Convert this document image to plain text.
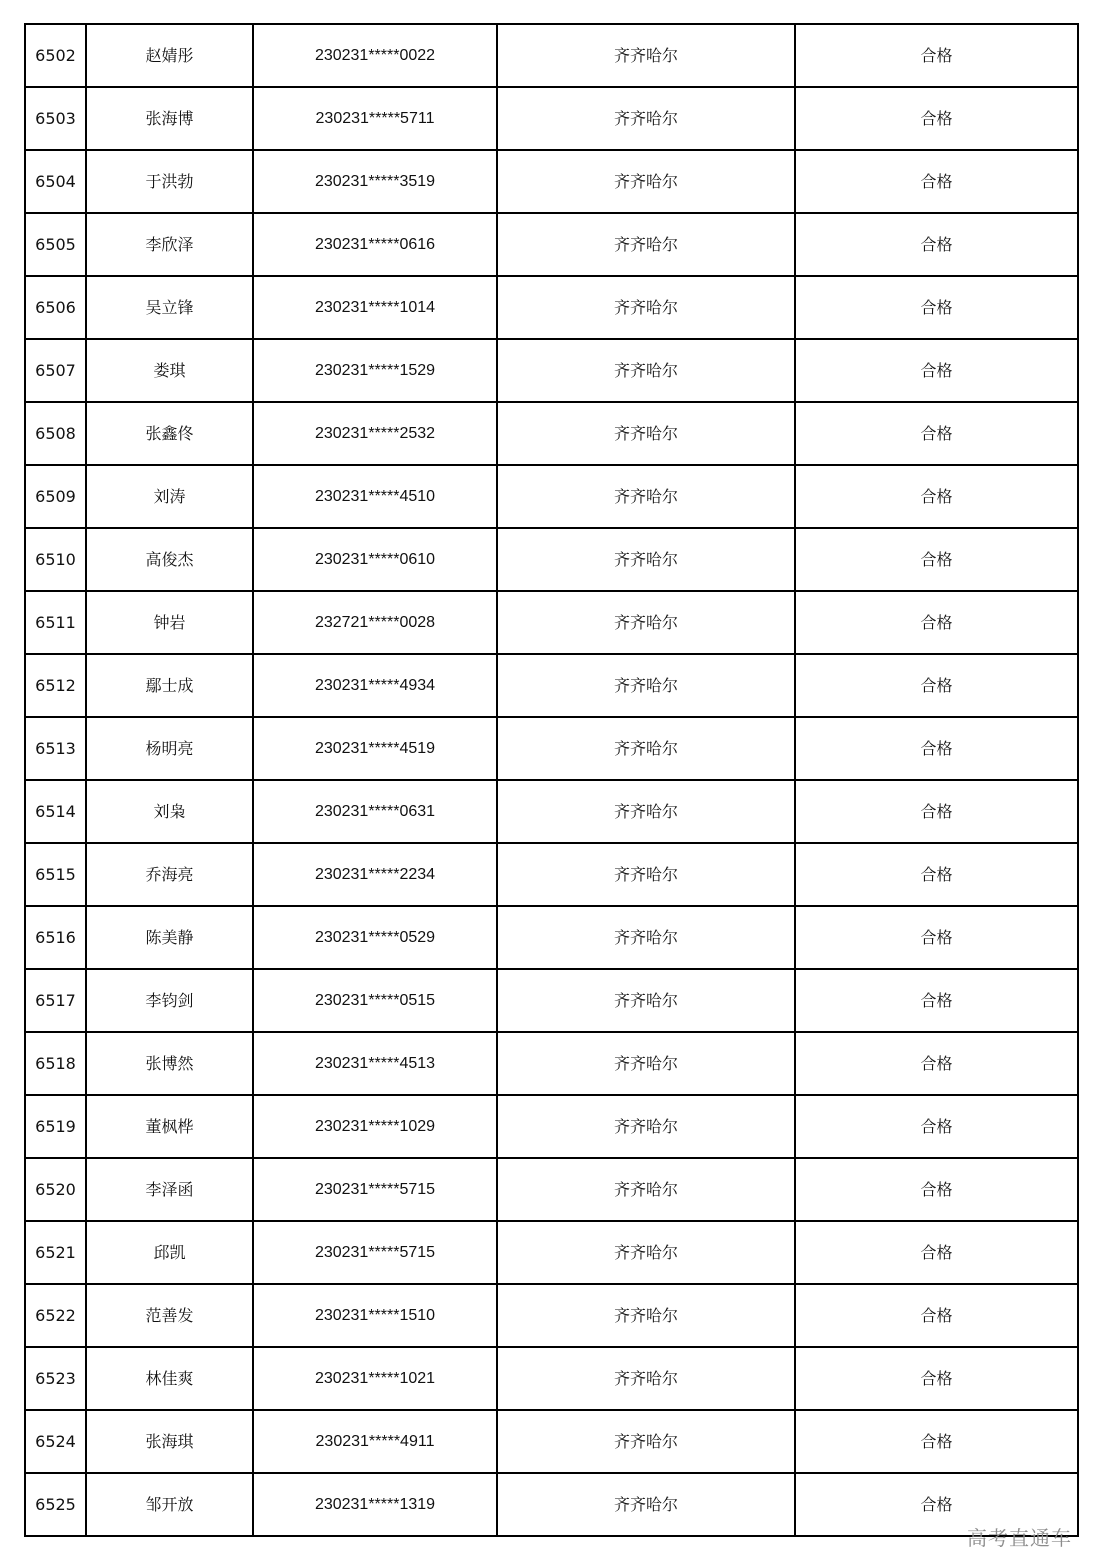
6502	赵婧彤	230231*****0022	齐齐哈尔	合格
6503	张海博	230231*****5711	齐齐哈尔	合格
6504	于洪勃	230231*****3519	齐齐哈尔	合格
6505	李欣泽	230231*****0616	齐齐哈尔	合格
6506	吴立锋	230231*****1014	齐齐哈尔	合格
6507	娄琪	230231*****1529	齐齐哈尔	合格
6508	张鑫佟	230231*****2532	齐齐哈尔	合格
6509	刘涛	230231*****4510	齐齐哈尔	合格
6510	高俊杰	230231*****0610	齐齐哈尔	合格
6511	钟岩	232721*****0028	齐齐哈尔	合格
6512	鄢士成	230231*****4934	齐齐哈尔	合格
6513	杨明亮	230231*****4519	齐齐哈尔	合格
6514	刘枭	230231*****0631	齐齐哈尔	合格
6515	乔海亮	230231*****2234	齐齐哈尔	合格
6516	陈美静	230231*****0529	齐齐哈尔	合格
6517	李钧剑	230231*****0515	齐齐哈尔	合格
6518	张博然	230231*****4513	齐齐哈尔	合格
6519	董枫桦	230231*****1029	齐齐哈尔	合格
6520	李泽函	230231*****5715	齐齐哈尔	合格
6521	邱凯	230231*****5715	齐齐哈尔	合格
6522	范善发	230231*****1510	齐齐哈尔	合格
6523	林佳爽	230231*****1021	齐齐哈尔	合格
6524	张海琪	230231*****4911	齐齐哈尔	合格
6525	邹开放	230231*****1319	齐齐哈尔	合格
高考直通车
